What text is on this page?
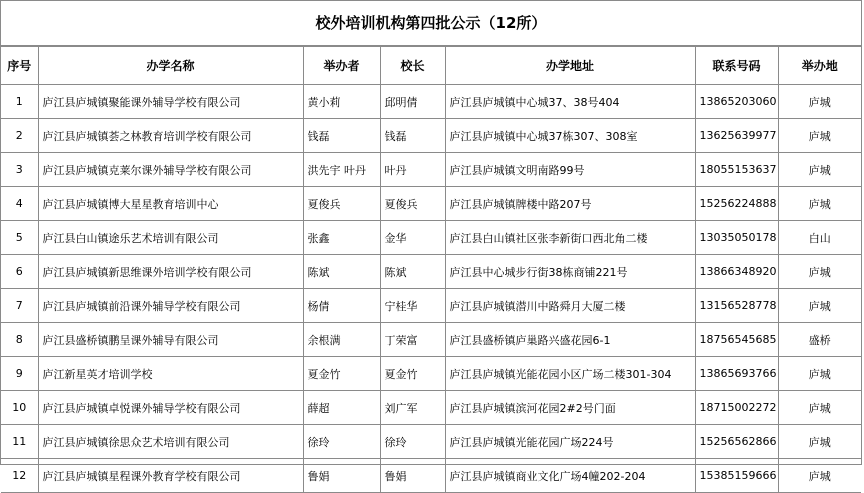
校外培训机构第四批公示（12所）
序号	办学名称	举办者	校长	办学地址	联系号码	举办地
1	庐江县庐城镇聚能课外辅导学校有限公司	黄小莉	邱明倩	庐江县庐城镇中心城37、38号404	13865203060	庐城
2	庐江县庐城镇荟之林教育培训学校有限公司	钱磊	钱磊	庐江县庐城镇中心城37栋307、308室	13625639977	庐城
3	庐江县庐城镇克莱尔课外辅导学校有限公司	洪先宇 叶丹	叶丹	庐江县庐城镇文明南路99号	18055153637	庐城
4	庐江县庐城镇博大星星教育培训中心	夏俊兵	夏俊兵	庐江县庐城镇牌楼中路207号	15256224888	庐城
5	庐江县白山镇途乐艺术培训有限公司	张鑫	金华	庐江县白山镇社区张李新街口西北角二楼	13035050178	白山
6	庐江县庐城镇新思维课外培训学校有限公司	陈斌	陈斌	庐江县中心城步行街38栋商铺221号	13866348920	庐城
7	庐江县庐城镇前沿课外辅导学校有限公司	杨倩	宁桂华	庐江县庐城镇潜川中路舜月大厦二楼	13156528778	庐城
8	庐江县盛桥镇鹏呈课外辅导有限公司	余根满	丁荣富	庐江县盛桥镇庐巢路兴盛花园6-1	18756545685	盛桥
9	庐江新星英才培训学校	夏金竹	夏金竹	庐江县庐城镇光能花园小区广场二楼301-304	13865693766	庐城
10	庐江县庐城镇卓悦课外辅导学校有限公司	薛超	刘广军	庐江县庐城镇滨河花园2#2号门面	18715002272	庐城
11	庐江县庐城镇徐思众艺术培训有限公司	徐玲	徐玲	庐江县庐城镇光能花园广场224号	15256562866	庐城
12	庐江县庐城镇星程课外教育学校有限公司	鲁娟	鲁娟	庐江县庐城镇商业文化广场4幢202-204	15385159666	庐城
